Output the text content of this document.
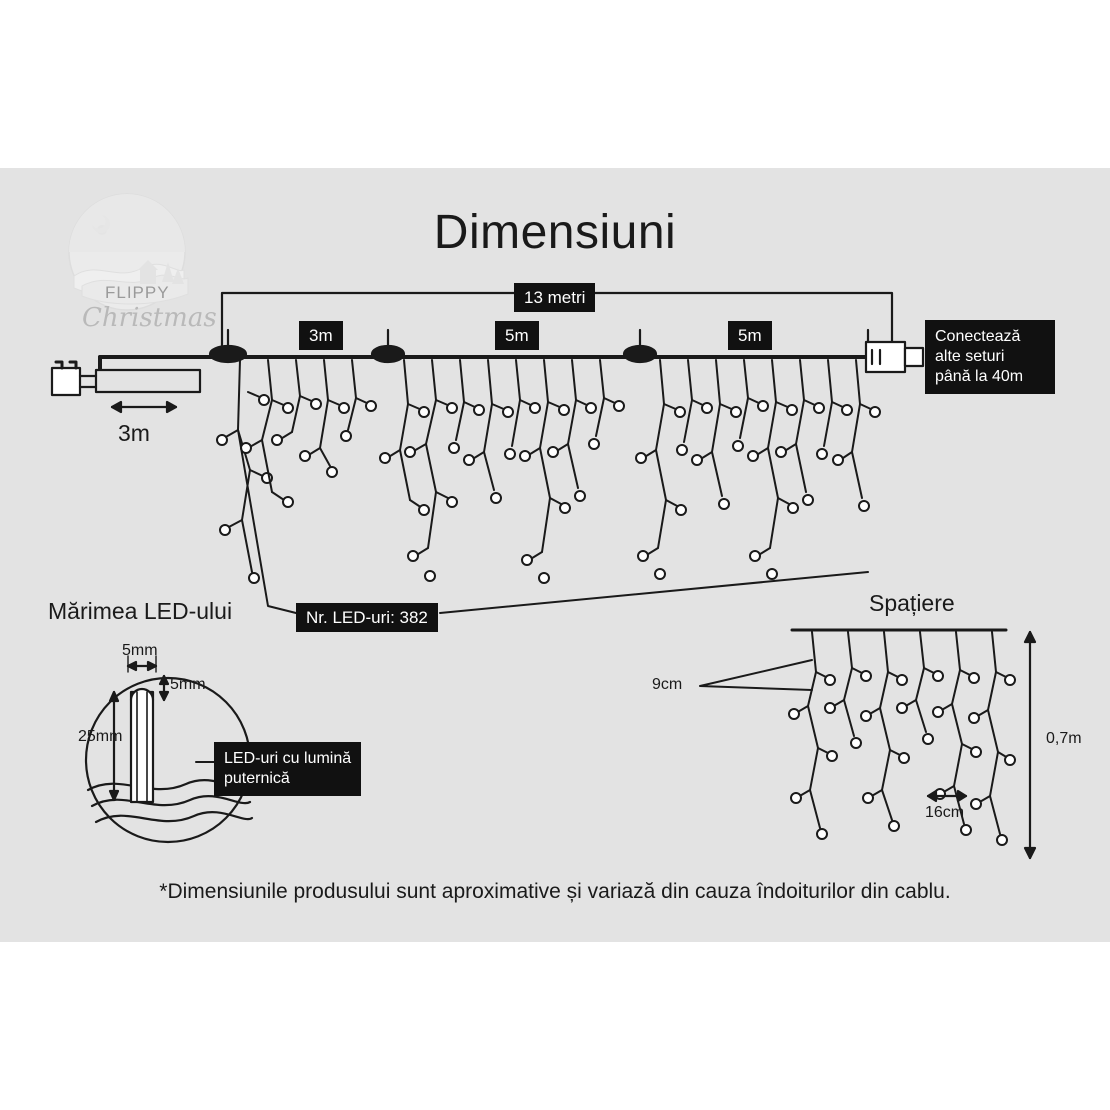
FLIPPY
Christmas
Dimensiuni
13 metri
3m	5m	5m	Conectează
alte seturi
până la 40m
3m
Nr. LED-uri: 382
Mărimea LED-ului
5mm
5mm
25mm
LED-uri cu lumină
puternică
Spațiere
9cm
16cm
0,7m
*Dimensiunile produsului sunt aproximative și variază din cauza îndoiturilor din cablu.
